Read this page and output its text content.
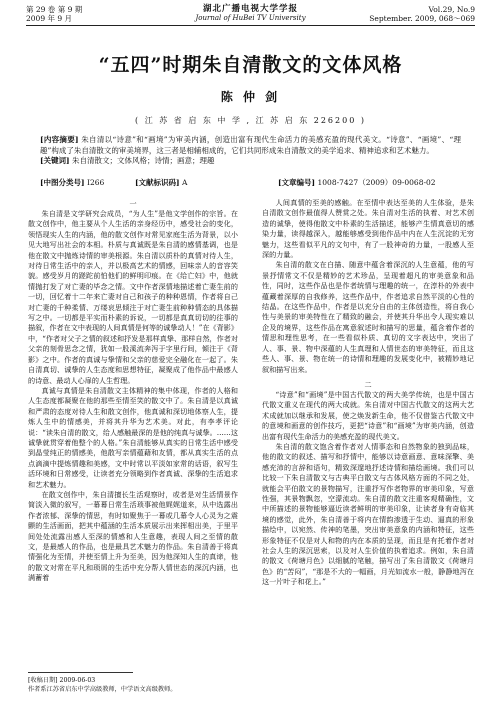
第 29 卷 第 9 期
2009 年 9 月
湖北广播电视大学学报
Journal of HuBei TV University
Vol.29, No.9
September. 2009, 068～069
“五四”时期朱自清散文的文体风格
陈 仲 剑
( 江 苏 省 启 东 中 学 , 江 苏 启 东 226200 )

[内容摘要] 朱自清以“诗意”和“画境”为审美内涵，创造出富有现代生命活力的美感充盈的现代美文。“诗意”、“画境”、“理趣”构成了朱自清散文的审美境界，这三者是相辅相成的，它们共同形成朱自清散文的美学追求、精神追求和艺术魅力。

[关键词] 朱自清散文；文体风格；诗情；画意；理趣

[中图分类号] I266	[文献标识码] A	[文章编号] 1008-7427（2009）09-0068-02

一

朱自清是文学研究会成员，“为人生”是他文学创作的宗旨。在散文创作中，他主要从个人生活的亲身经历中，感受社会的变化，领悟现实人生的内涵，他的散文创作对常见家庭生活为背景，以小见大地写出社会的本相。朴质与真诚既是朱自清的感情基调，也是他在散文中抛炼诗情的审美根源。朱自清以质朴的真情对待人生，对待日常生活中的亲人，并以极高艺术的情感，回味亲人的音容笑貌。感受岁月的蹉跎前怕他们的鲜明印痕。在《给亡妇》中，他就情抛打发了对亡妻的毕念之情。文中作者深情地描述着亡妻生前的一切，回忆着十二年来亡妻对自己和孩子的种种恩情，作者将自己对亡妻的千种柔情、万缕哀思倾注于对亡妻生前种种情态的具体描写之中。一切都是平实而朴素的诉说，一切都是真真切切的往事的描叙，作者在文中表现的人间真情是何等的诚挚动人！”在《背影》中，“作者对父子之情的叙述和抒发是那样真挚、那样自然，作者对父亲的刻骨思念之情，犹如一股溪流奔泻于字里行间，倾注于《背影》之中。作者的真诚与挚情和父亲的慈爱完全融化在一起了。朱自清真切、诚挚的人生态度和思想特征，凝聚成了他作品中最感人的诗意、最动人心扉的人生哲理。

真诚与真情是朱自清散文主体精神的集中体现，作者的人格和人生态度都凝聚在他的那些至情至笑的散文中了。朱自清是以真诚和严肃的态度对待人生和散文创作，他真诚和深切地体察人生，提炼人生中的情感美，并将其升华为艺术美。对此，有李孝评论说：“读朱自清的散文，给人感触最深的是他的纯真与诚挚。……这诚挚就贯穿着他整个的人格。”朱自清能够从真实的日常生活中感受到晶莹纯正的情感美，他散写亲情蕴藉和友情，都从真实生活的点点滴滴中提炼情趣和美感，文中时常以平淡如家常的话语，叙写生活环境和日常感受，让读者充分领略到作者真诚、深挚的生活追求和艺术魅力。

在散文创作中，朱自清擅长生活观察时，或者是对生活情景作简淡入微的叙写，一幕幕日常生活琐事被他娓娓道来，从中选露出作者浓郁、深挚的情思，有时如聚焦于一幕或几幕令人心灵为之震颤的生活画面，把其中蕴涵的生活本质展示出来挥相出美，于里平间处处流露出感人至深的情感和人生意趣，表现人间之至情的散文，是最感人的作品，也是最具艺术魅力的作品。朱自清善于将真情强化为至情，并使至情上升为至美，因为他深知人生的真谛，他的散文对常在平凡和琐屑的生活中充分帮人情世态的深沉内涵，也满蓄着

人间真情的至美的感触。在至情中表达至美的人生体验，是朱自清散文创作最值得人赞赏之处。朱自清对生活的执着、对艺术创造的诚挚，使得他散文中朴素的生活描述，能够产生情真意切的感染力量，读得越深入，越能够感受到他作品中内在人生沉淀的无穷魅力，这些看似平凡的文句中，有了一股神奇的力量，一股感人至深的力量。

朱自清的散文在白描、随意中蕴含着深沉的人生意蕴，他的写景抒情常文不仅是精妙的艺术珍品，呈现着超凡的审美意象和品性，同时，这些作品也是作者统情与理趣的统一，在淳朴的外表中蕴藏着深厚的自我修养，这些作品中，作者追求自然平淡的心性的结晶。在这些作品中，作者是以充分自由的主体创造性，将自我心性与美景的审美特性在了精致的融会，并使其升华出令人现实难以企及的境界，这些作品在寓意叙述时和描写的思量，蕴含着作者的情思和理性思考，在一些看似朴质、真切的文字表达中，突出了人、事、景、物中深蕴的人生真理和人情世态的审美特征，而且这些人、事、景、物在统一的诗情和理趣的发展变化中，被精妙地记叙和描写出来。

二

“诗意”和“画境”是中国古代散文的两大美学传统，也是中国古代散文重义在现代的两大成就。朱自清对中国古代散文的这两大艺术成就加以继承和发展，使之焕发新生命，他不仅借鉴古代散文中的意境和画意的创作技巧，更把“诗意”和“画境”为审美内涵，创造出富有现代生命活力的美感充盈的现代美文。

朱自清的散文饱含着作者对人情事态和自然物象的独到品味，他的散文的叙述、描写和抒情中，能够以诗意画意、意味深擎、美感充沛的言辞和语句，精致深邃地抒述诗情和描绘画境。我们可以比较一下朱自清散文与古典平白散文与古体风格方面的不同之处，就能会平伯散文的景物描写，注重抒写作者物界的审美印象，写意性强，其景物飘忽，空濛流动。朱自清的散文注重客观精确性，文中所描述的景物能够逼近读者鲜明的审美印象，让读者身有奇临其境的感觉，此外，朱自清善于将内在情韵渗透于生动、逼真的形象描绘中，以宛然、传神的笔墨，突出审美意象的内涵和特征，这些形象特征不仅是对人和物的内在本质的呈现，而且是有托着作者对社会人生的深沉思索，以及对人生价值的执着追求。例如，朱自清的散文《荷塘月色》以细腻的笔触，描写出了朱自清散文《荷塘月色》的“苦闷”，“那是不大的一幅画，月光如流水一般，静静地泻在这一片叶子和花上。”

[收稿日期] 2009-06-03

作者系江苏省启东中学高级教师，中学语文高级教师。
